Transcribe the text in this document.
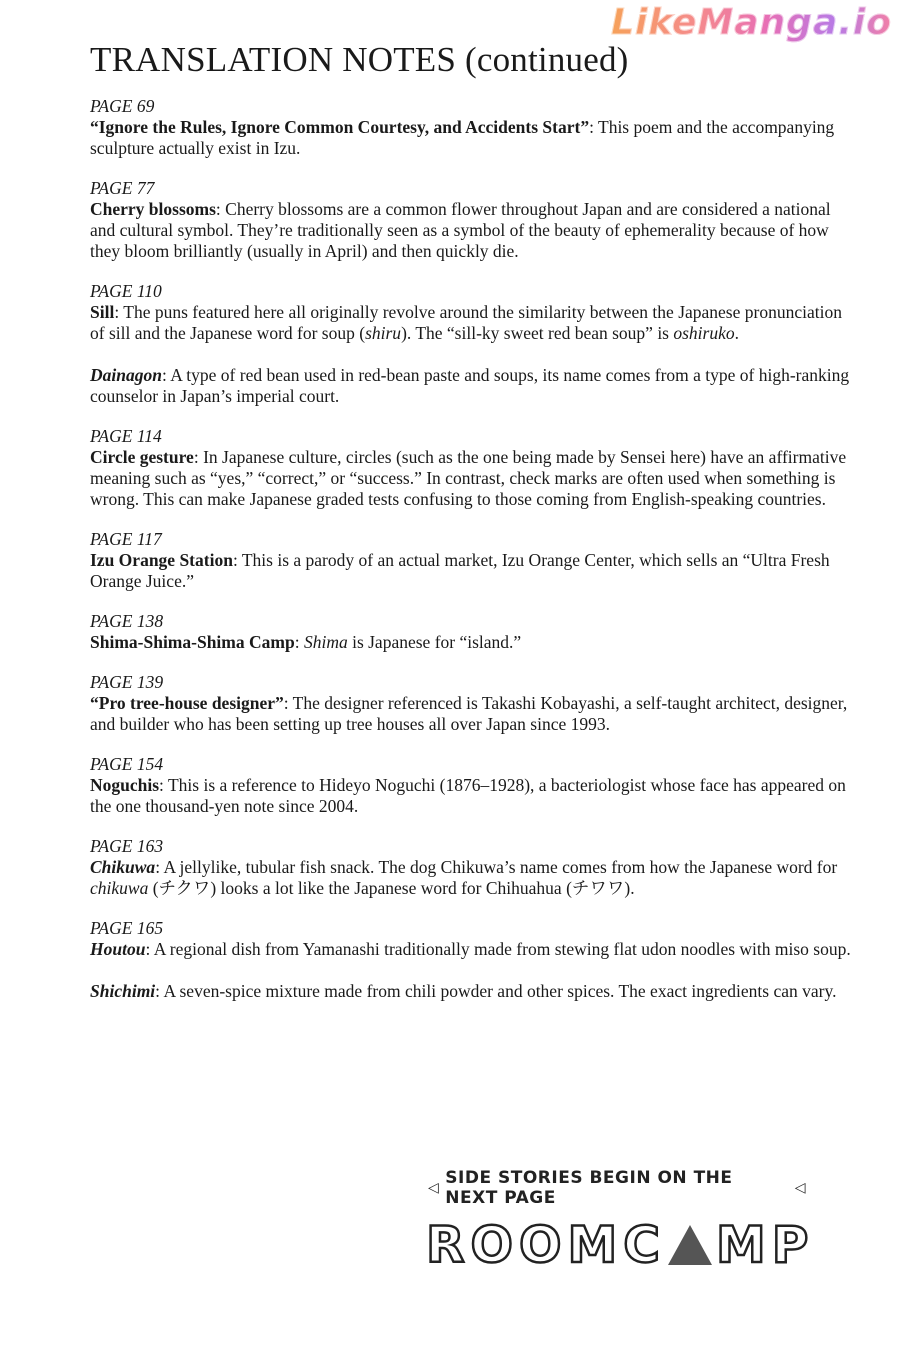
LikeManga.io
TRANSLATION NOTES (continued)
PAGE 69

“Ignore the Rules, Ignore Common Courtesy, and Accidents Start”: This poem and the accompanying sculpture actually exist in Izu.

PAGE 77

Cherry blossoms: Cherry blossoms are a common flower throughout Japan and are considered a national and cultural symbol. They’re traditionally seen as a symbol of the beauty of ephemerality because of how they bloom brilliantly (usually in April) and then quickly die.

PAGE 110

Sill: The puns featured here all originally revolve around the similarity between the Japanese pronunciation of sill and the Japanese word for soup (shiru). The “sill-ky sweet red bean soup” is oshiruko.

Dainagon: A type of red bean used in red-bean paste and soups, its name comes from a type of high-ranking counselor in Japan’s imperial court.

PAGE 114

Circle gesture: In Japanese culture, circles (such as the one being made by Sensei here) have an affirmative meaning such as “yes,” “correct,” or “success.” In contrast, check marks are often used when something is wrong. This can make Japanese graded tests confusing to those coming from English-speaking countries.

PAGE 117

Izu Orange Station: This is a parody of an actual market, Izu Orange Center, which sells an “Ultra Fresh Orange Juice.”

PAGE 138

Shima-Shima-Shima Camp: Shima is Japanese for “island.”

PAGE 139

“Pro tree-house designer”: The designer referenced is Takashi Kobayashi, a self-taught architect, designer, and builder who has been setting up tree houses all over Japan since 1993.

PAGE 154

Noguchis: This is a reference to Hideyo Noguchi (1876–1928), a bacteriologist whose face has appeared on the one thousand-yen note since 2004.

PAGE 163

Chikuwa: A jellylike, tubular fish snack. The dog Chikuwa’s name comes from how the Japanese word for chikuwa (チクワ) looks a lot like the Japanese word for Chihuahua (チワワ).

PAGE 165

Houtou: A regional dish from Yamanashi traditionally made from stewing flat udon noodles with miso soup.

Shichimi: A seven-spice mixture made from chili powder and other spices. The exact ingredients can vary.

◁ SIDE STORIES BEGIN ON THE NEXT PAGE	◁
ROOM C MP
